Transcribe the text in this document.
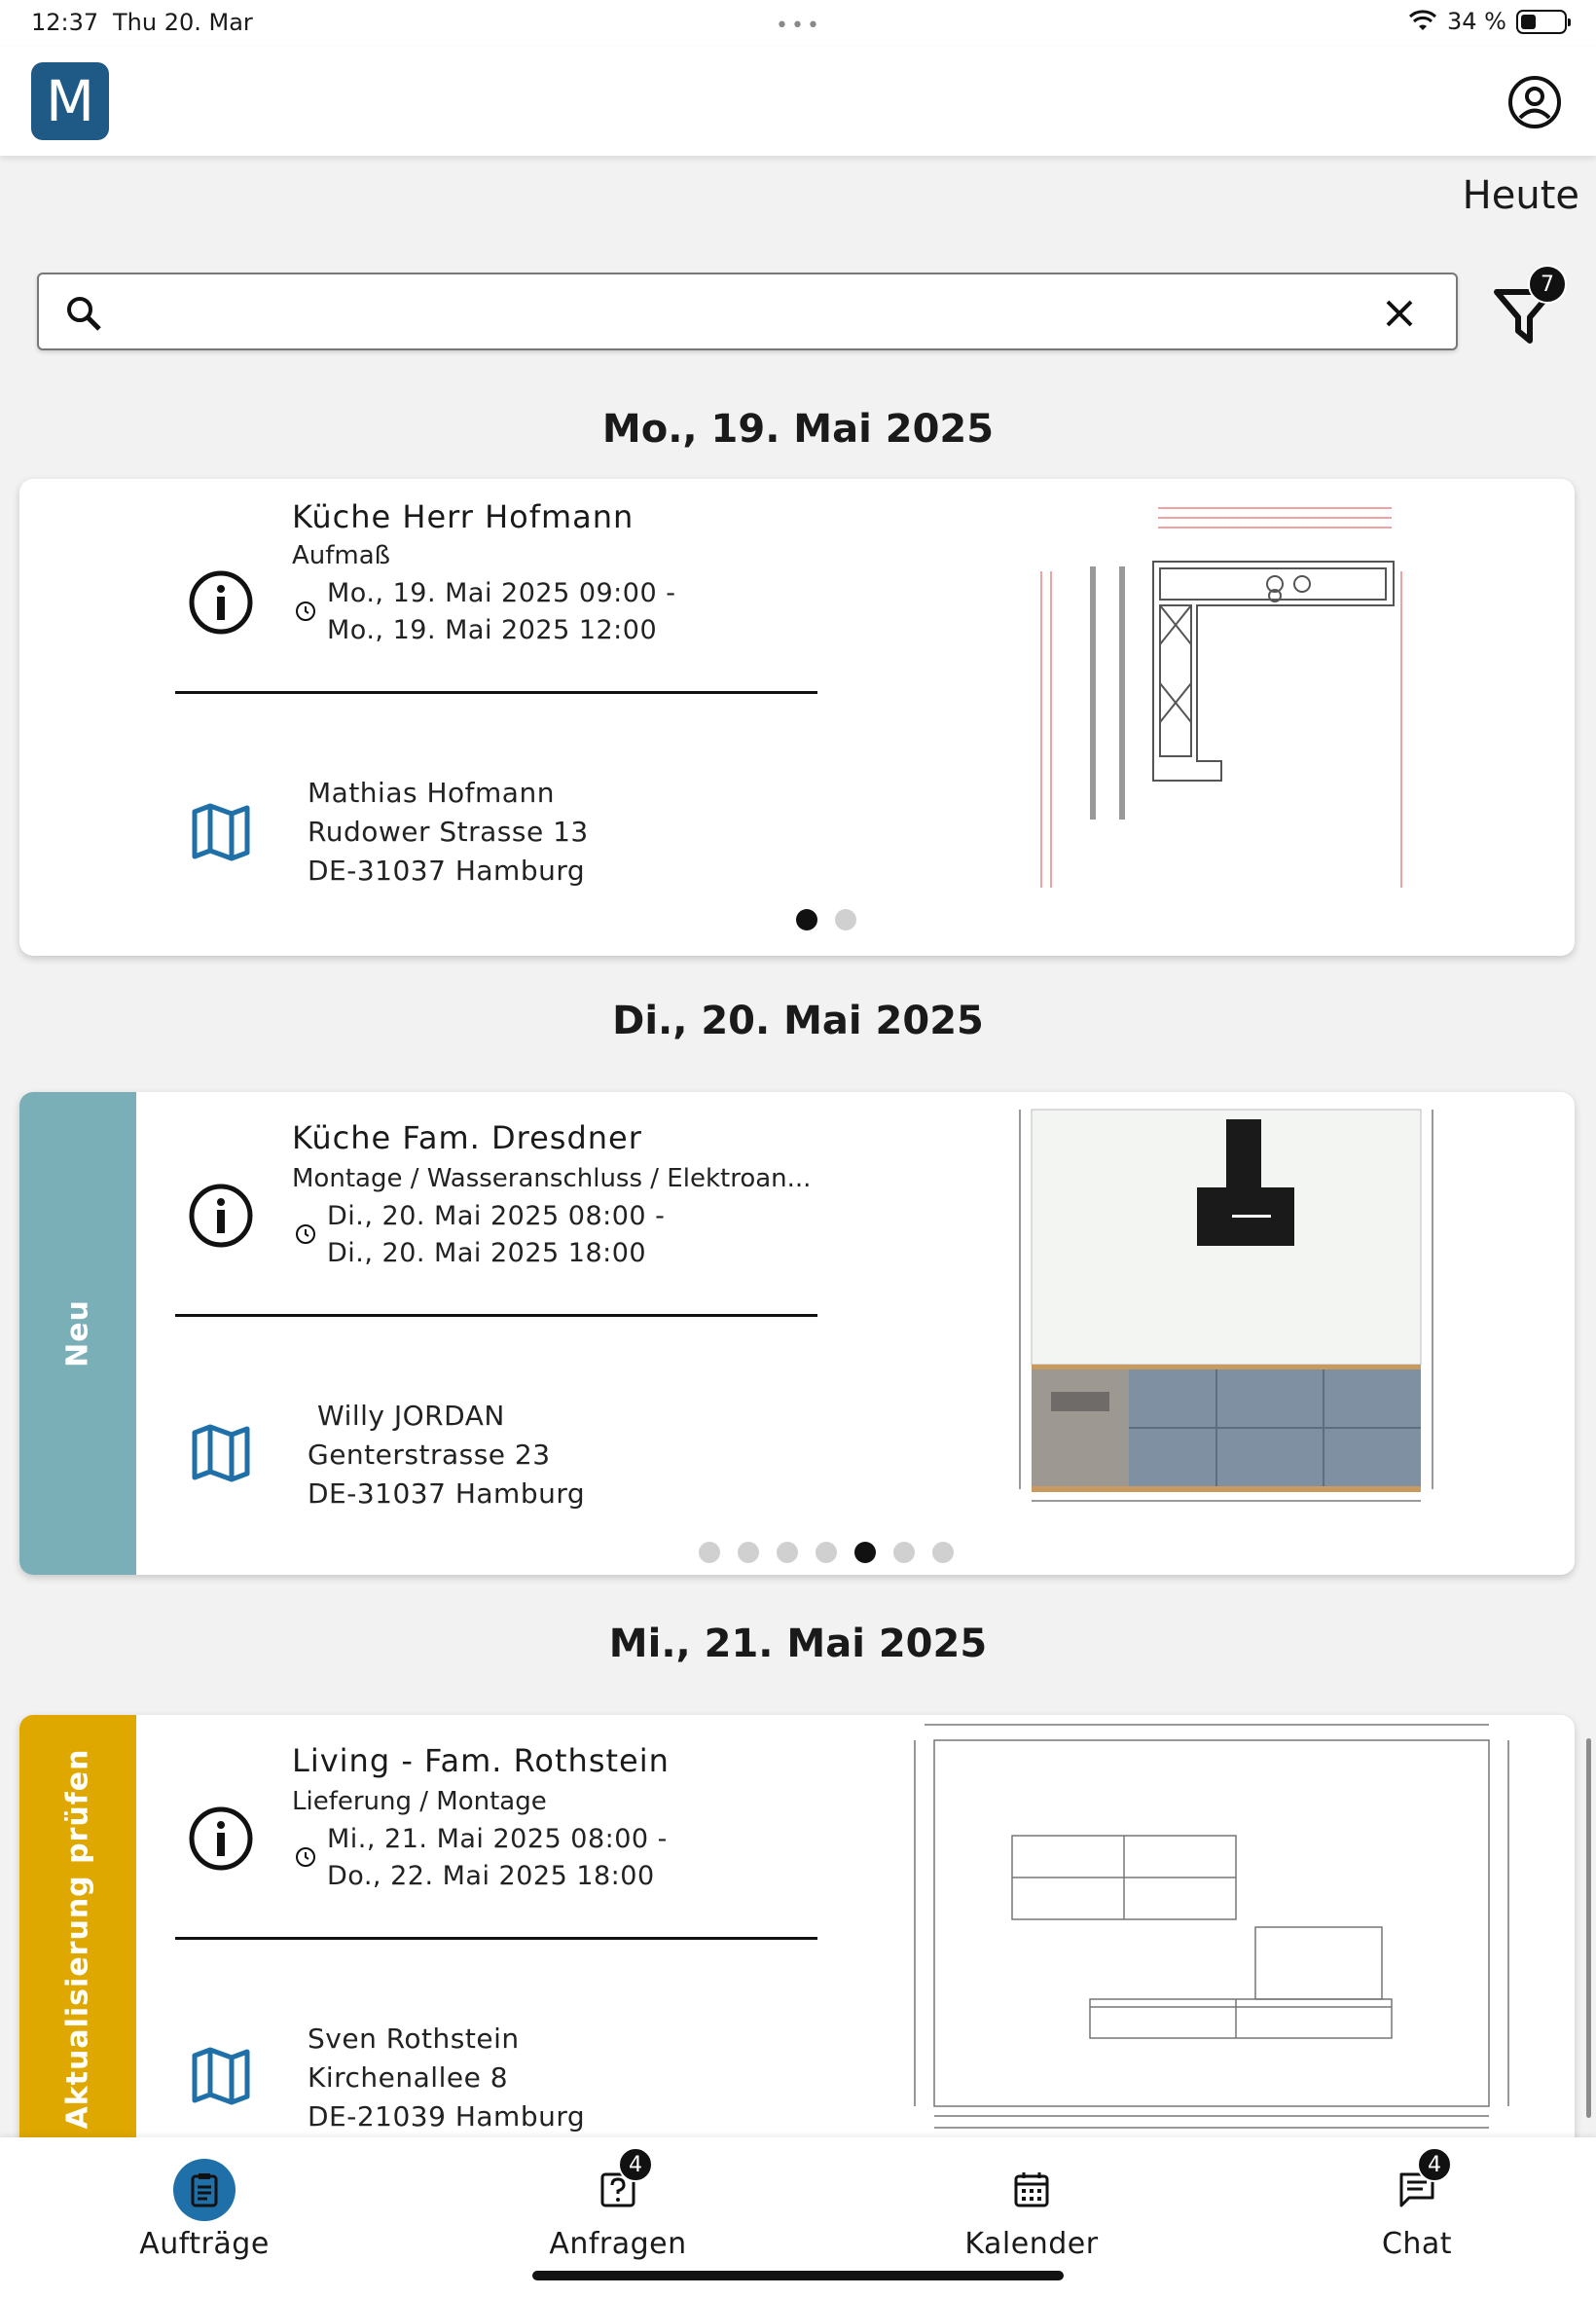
12:37 Thu 20. Mar	•••	34 %
M
Heute
7
Mo., 19. Mai 2025
Küche Herr Hofmann
Aufmaß
Mo., 19. Mai 2025 09:00 -
Mo., 19. Mai 2025 12:00
Mathias Hofmann
Rudower Strasse 13
DE-31037 Hamburg
Di., 20. Mai 2025
Neu
Küche Fam. Dresdner
Montage / Wasseranschluss / Elektroan...
Di., 20. Mai 2025 08:00 -
Di., 20. Mai 2025 18:00
Willy JORDAN
Genterstrasse 23
DE-31037 Hamburg
Mi., 21. Mai 2025
Aktualisierung prüfen	Living - Fam. Rothstein
Lieferung / Montage
Mi., 21. Mai 2025 08:00 -
Do., 22. Mai 2025 18:00
Sven Rothstein
Kirchenallee 8
DE-21039 Hamburg
Aufträge
4
Anfragen	Kalender
4
Chat
